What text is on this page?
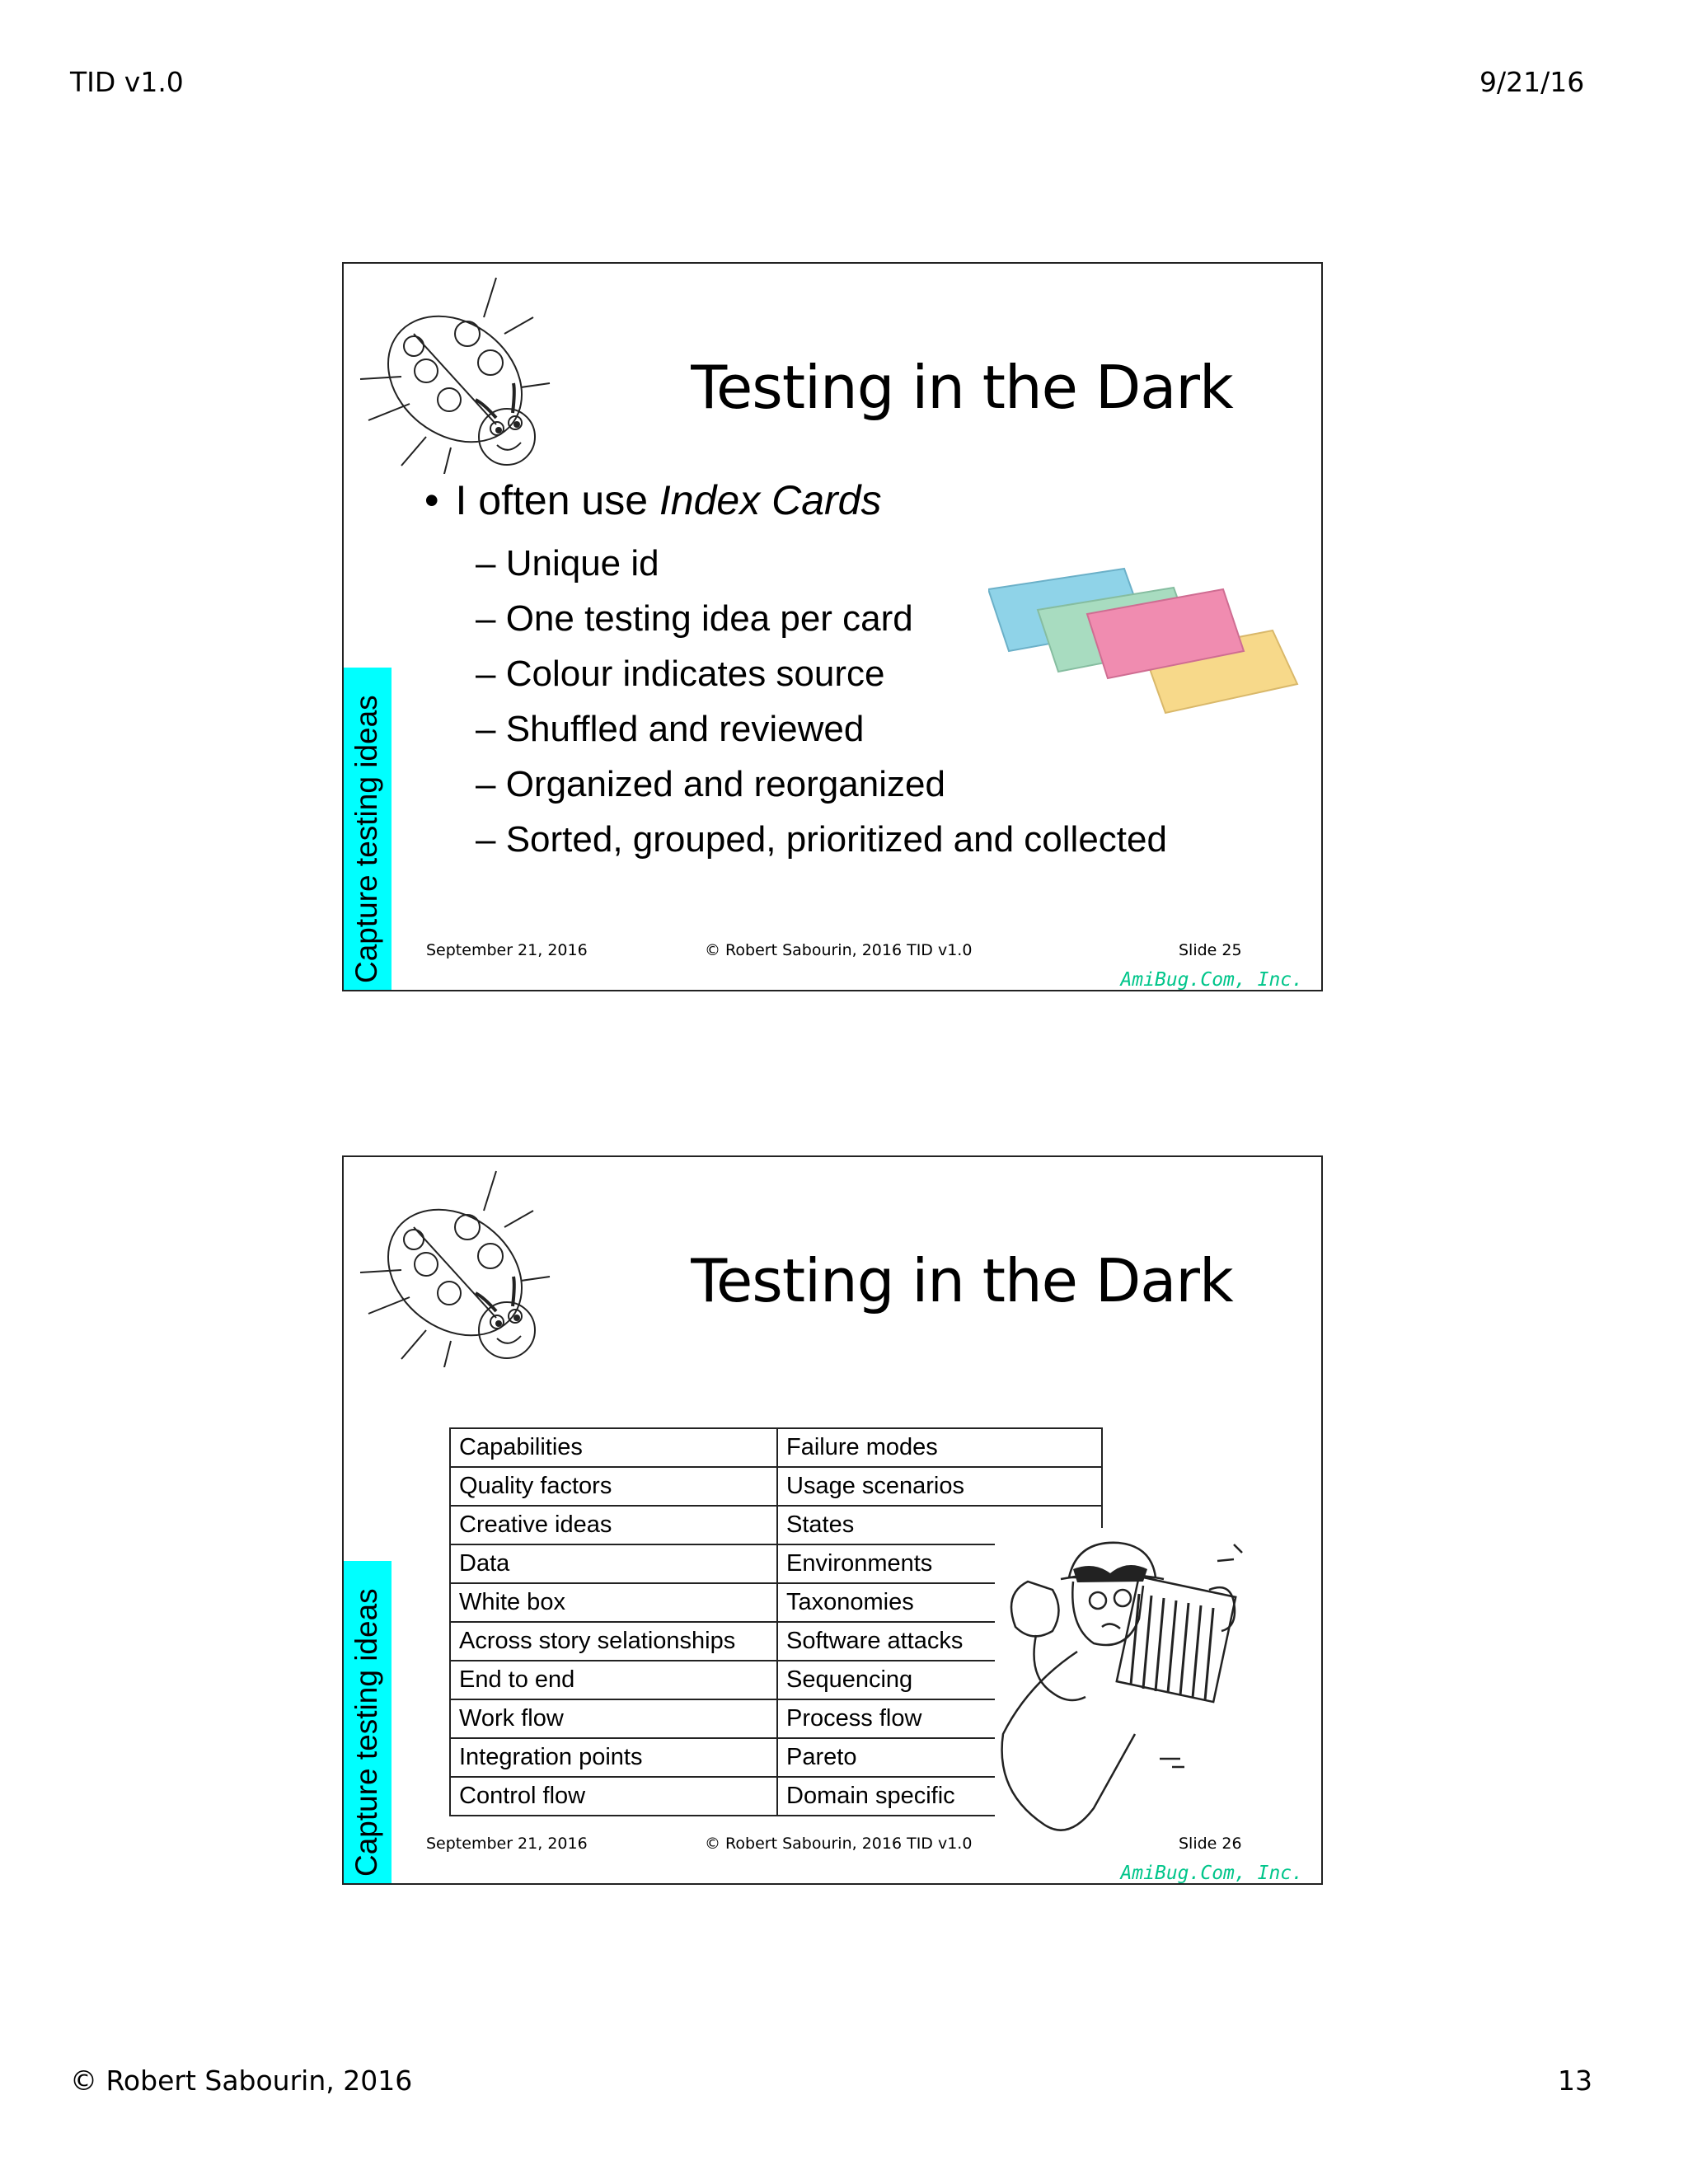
TID v1.0	9/21/16
Capture testing ideas
Testing in the Dark
• I often use Index Cards
– Unique id
– One testing idea per card
– Colour indicates source
– Shuffled and reviewed
– Organized and reorganized
– Sorted, grouped, prioritized and collected
September 21, 2016	© Robert Sabourin, 2016 TID v1.0	Slide 25
AmiBug.Com, Inc.
Capture testing ideas
Testing in the Dark
Capabilities	Failure modes
Quality factors	Usage scenarios
Creative ideas	States
Data	Environments
White box	Taxonomies
Across story selationships	Software attacks
End to end	Sequencing
Work flow	Process flow
Integration points	Pareto
Control flow	Domain specific
September 21, 2016	© Robert Sabourin, 2016 TID v1.0	Slide 26
AmiBug.Com, Inc.
© Robert Sabourin, 2016	13
